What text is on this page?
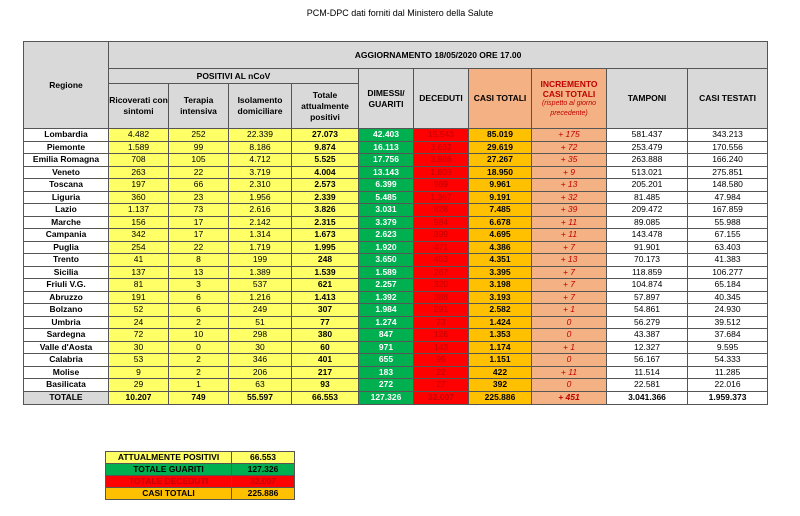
PCM-DPC dati forniti dal Ministero della Salute
Regione	AGGIORNAMENTO 18/05/2020 ORE 17.00									
	POSITIVI AL nCoV				DIMESSI/ GUARITI	DECEDUTI	CASI TOTALI	INCREMENTO CASI TOTALI
(rispetto al giorno precedente)	TAMPONI	CASI TESTATI
	Ricoverati con sintomi	Terapia intensiva	Isolamento domiciliare	Totale attualmente positivi						
Lombardia	4.482	252	22.339	27.073	42.403	15.543	85.019	+ 175	581.437	343.213
Piemonte	1.589	99	8.186	9.874	16.113	3.632	29.619	+ 72	253.479	170.556
Emilia Romagna	708	105	4.712	5.525	17.756	3.986	27.267	+ 35	263.888	166.240
Veneto	263	22	3.719	4.004	13.143	1.803	18.950	+ 9	513.021	275.851
Toscana	197	66	2.310	2.573	6.399	989	9.961	+ 13	205.201	148.580
Liguria	360	23	1.956	2.339	5.485	1.367	9.191	+ 32	81.485	47.984
Lazio	1.137	73	2.616	3.826	3.031	628	7.485	+ 39	209.472	167.859
Marche	156	17	2.142	2.315	3.379	984	6.678	+ 11	89.085	55.988
Campania	342	17	1.314	1.673	2.623	399	4.695	+ 11	143.478	67.155
Puglia	254	22	1.719	1.995	1.920	471	4.386	+ 7	91.901	63.403
Trento	41	8	199	248	3.650	453	4.351	+ 13	70.173	41.383
Sicilia	137	13	1.389	1.539	1.589	267	3.395	+ 7	118.859	106.277
Friuli V.G.	81	3	537	621	2.257	320	3.198	+ 7	104.874	65.184
Abruzzo	191	6	1.216	1.413	1.392	388	3.193	+ 7	57.897	40.345
Bolzano	52	6	249	307	1.984	291	2.582	+ 1	54.861	24.930
Umbria	24	2	51	77	1.274	73	1.424	0	56.279	39.512
Sardegna	72	10	298	380	847	126	1.353	0	43.387	37.684
Valle d'Aosta	30	0	30	60	971	143	1.174	+ 1	12.327	9.595
Calabria	53	2	346	401	655	95	1.151	0	56.167	54.333
Molise	9	2	206	217	183	22	422	+ 11	11.514	11.285
Basilicata	29	1	63	93	272	27	392	0	22.581	22.016
TOTALE	10.207	749	55.597	66.553	127.326	32.007	225.886	+ 451	3.041.366	1.959.373
ATTUALMENTE POSITIVI	66.553
TOTALE GUARITI	127.326
TOTALE DECEDUTI	32.007
CASI TOTALI	225.886
